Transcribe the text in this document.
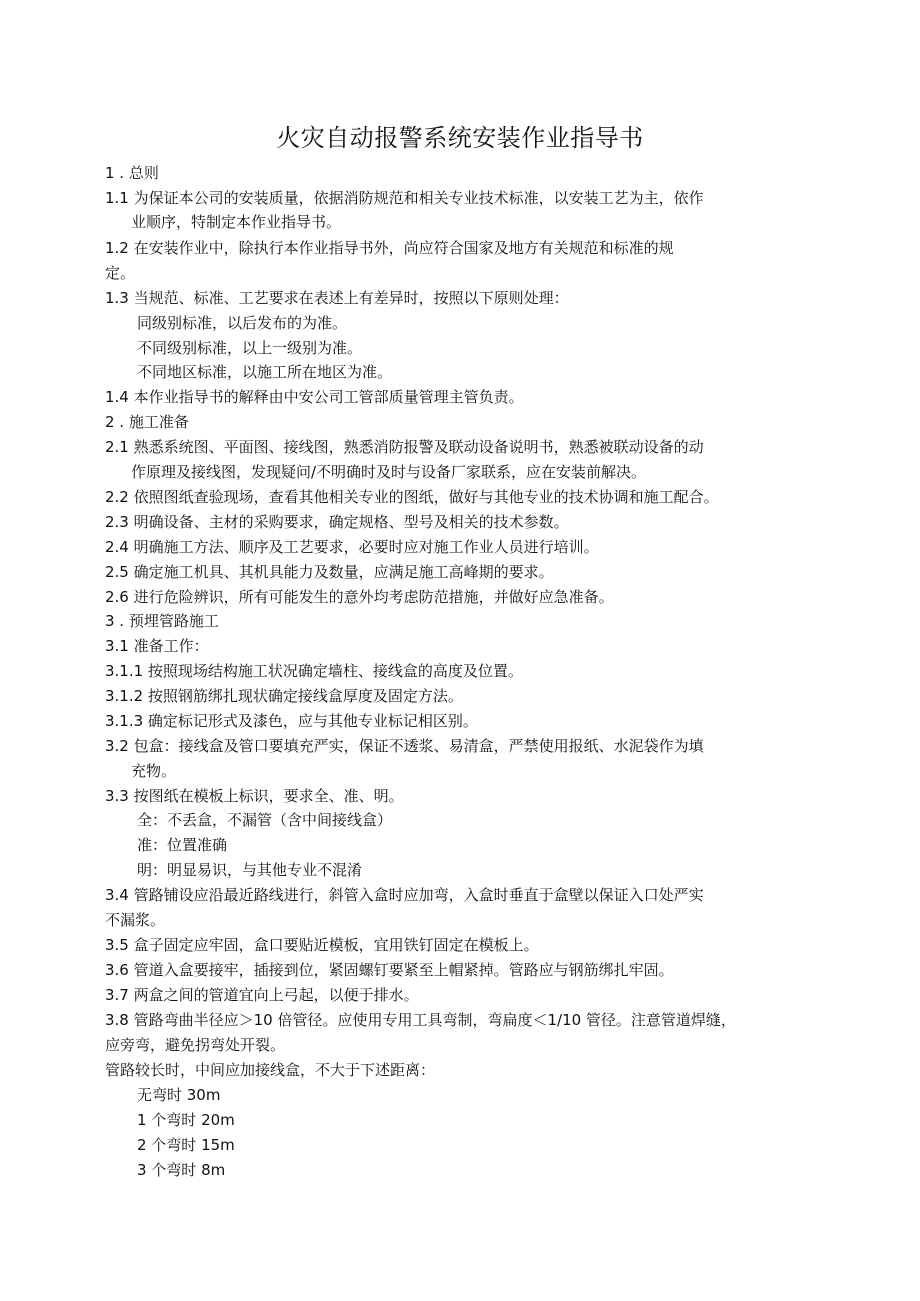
火灾自动报警系统安装作业指导书
1 . 总则
1.1 为保证本公司的安装质量，依据消防规范和相关专业技术标准，以安装工艺为主，依作
业顺序，特制定本作业指导书。
1.2 在安装作业中，除执行本作业指导书外，尚应符合国家及地方有关规范和标准的规
定。
1.3 当规范、标准、工艺要求在表述上有差异时，按照以下原则处理：
同级别标准，以后发布的为准。
不同级别标准，以上一级别为准。
不同地区标准，以施工所在地区为准。
1.4 本作业指导书的解释由中安公司工管部质量管理主管负责。
2 . 施工准备
2.1 熟悉系统图、平面图、接线图，熟悉消防报警及联动设备说明书，熟悉被联动设备的动
作原理及接线图，发现疑问/不明确时及时与设备厂家联系，应在安装前解决。
2.2 依照图纸查验现场，查看其他相关专业的图纸，做好与其他专业的技术协调和施工配合。
2.3 明确设备、主材的采购要求，确定规格、型号及相关的技术参数。
2.4 明确施工方法、顺序及工艺要求，必要时应对施工作业人员进行培训。
2.5 确定施工机具、其机具能力及数量，应满足施工高峰期的要求。
2.6 进行危险辨识，所有可能发生的意外均考虑防范措施，并做好应急准备。
3 . 预埋管路施工
3.1 准备工作：
3.1.1 按照现场结构施工状况确定墙柱、接线盒的高度及位置。
3.1.2 按照钢筋绑扎现状确定接线盒厚度及固定方法。
3.1.3 确定标记形式及漆色，应与其他专业标记相区别。
3.2 包盒：接线盒及管口要填充严实，保证不透浆、易清盒，严禁使用报纸、水泥袋作为填
充物。
3.3 按图纸在模板上标识，要求全、准、明。
全：不丢盒，不漏管（含中间接线盒）
准：位置准确
明：明显易识，与其他专业不混淆
3.4 管路铺设应沿最近路线进行，斜管入盒时应加弯，入盒时垂直于盒壁以保证入口处严实
不漏浆。
3.5 盒子固定应牢固，盒口要贴近模板，宜用铁钉固定在模板上。
3.6 管道入盒要接牢，插接到位，紧固螺钉要紧至上帽紧掉。管路应与钢筋绑扎牢固。
3.7 两盒之间的管道宜向上弓起，以便于排水。
3.8 管路弯曲半径应＞10 倍管径。应使用专用工具弯制，弯扁度＜1/10 管径。注意管道焊缝，
应旁弯，避免拐弯处开裂。
管路较长时，中间应加接线盒，不大于下述距离：
无弯时 30m
1 个弯时 20m
2 个弯时 15m
3 个弯时 8m
